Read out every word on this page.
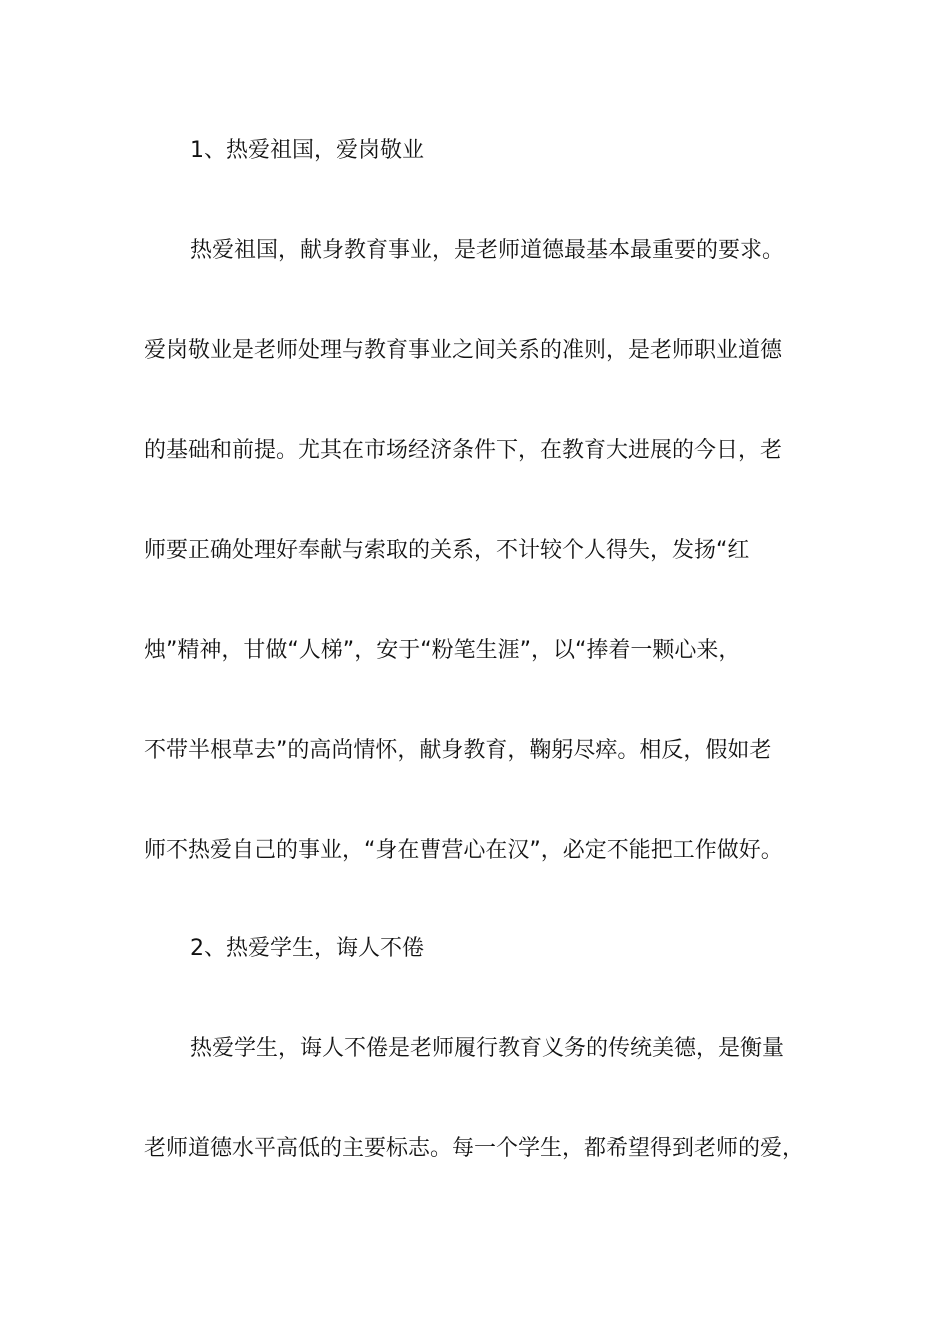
1、热爱祖国，爱岗敬业
热爱祖国，献身教育事业，是老师道德最基本最重要的要求。
爱岗敬业是老师处理与教育事业之间关系的准则，是老师职业道德
的基础和前提。尤其在市场经济条件下，在教育大进展的今日，老
师要正确处理好奉献与索取的关系，不计较个人得失，发扬“红
烛”精神，甘做“人梯”，安于“粉笔生涯”，以“捧着一颗心来，
不带半根草去”的高尚情怀，献身教育，鞠躬尽瘁。相反，假如老
师不热爱自己的事业，“身在曹营心在汉”，必定不能把工作做好。
2、热爱学生，诲人不倦
热爱学生，诲人不倦是老师履行教育义务的传统美德，是衡量
老师道德水平高低的主要标志。每一个学生，都希望得到老师的爱，
